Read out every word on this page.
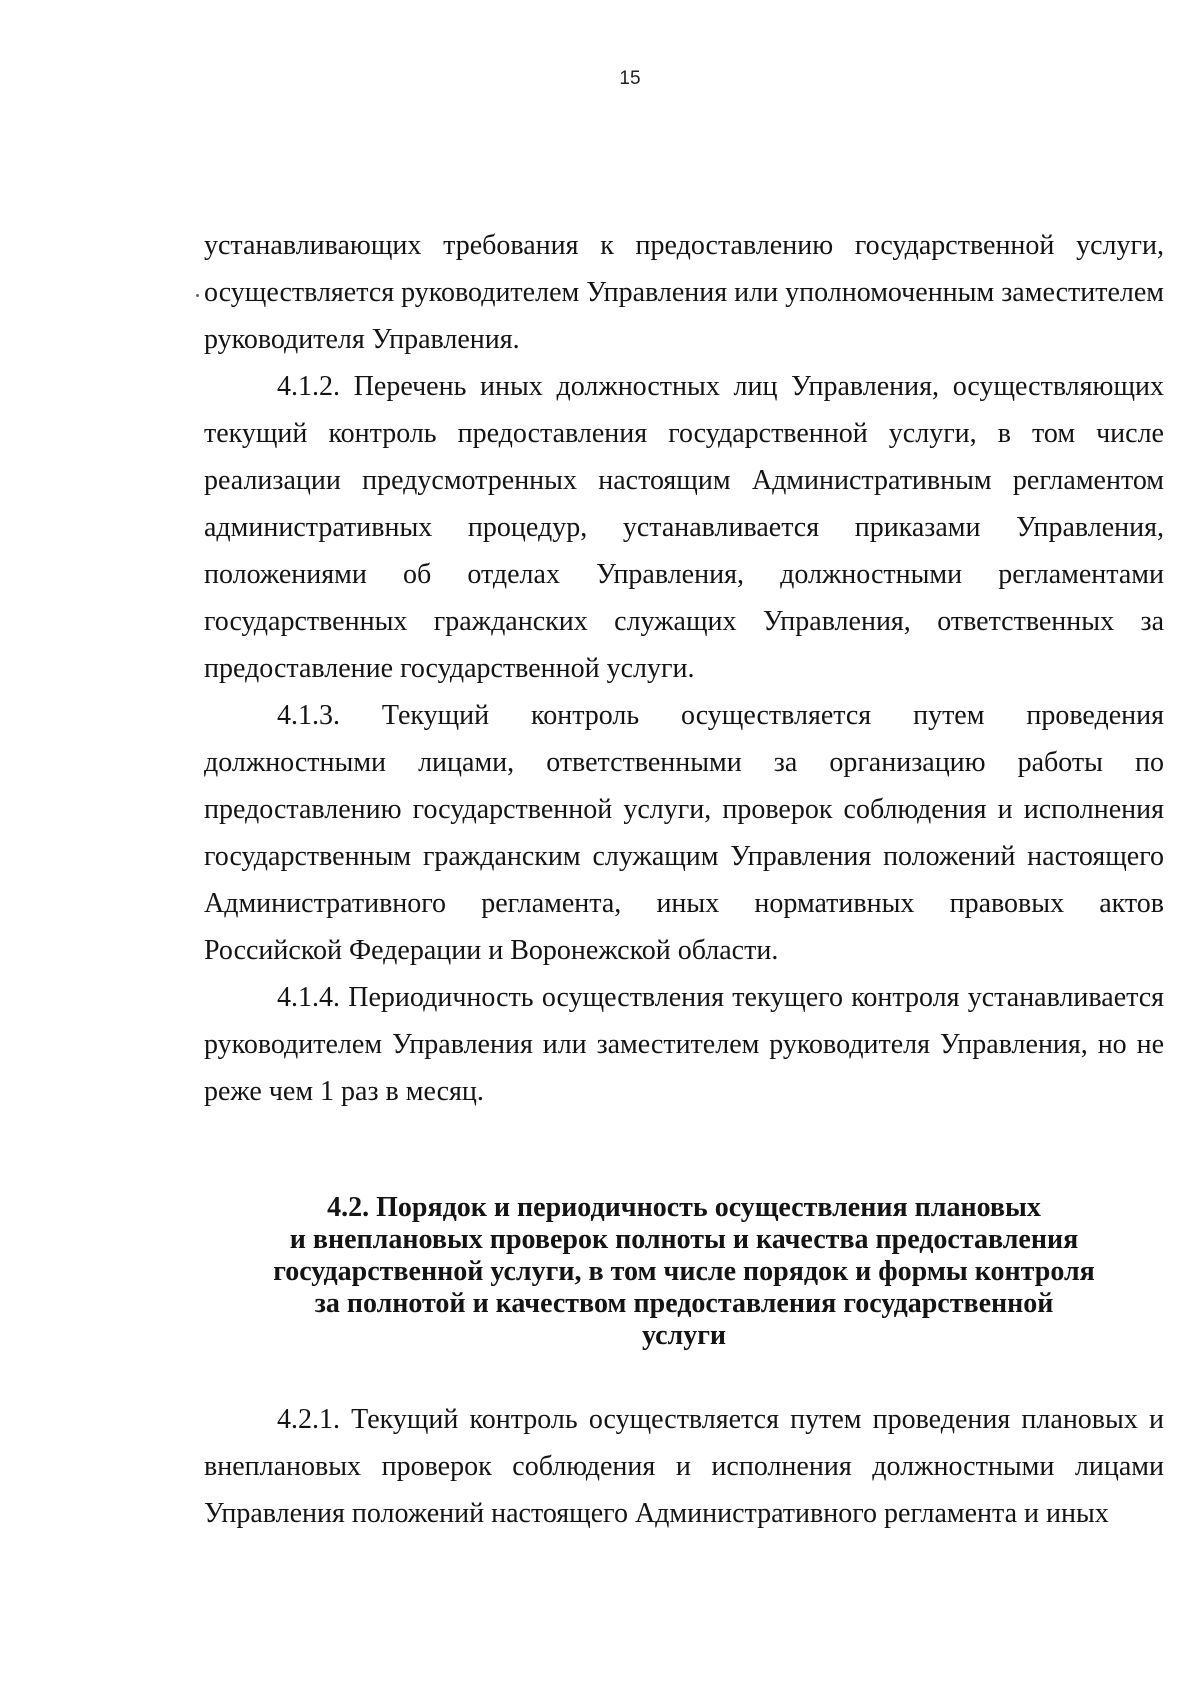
15

устанавливающих требования к предоставлению государственной услуги, осуществляется руководителем Управления или уполномоченным заместителем руководителя Управления.

4.1.2. Перечень иных должностных лиц Управления, осуществляющих текущий контроль предоставления государственной услуги, в том числе реализации предусмотренных настоящим Административным регламентом административных процедур, устанавливается приказами Управления, положениями об отделах Управления, должностными регламентами государственных гражданских служащих Управления, ответственных за предоставление государственной услуги.

4.1.3. Текущий контроль осуществляется путем проведения должностными лицами, ответственными за организацию работы по предоставлению государственной услуги, проверок соблюдения и исполнения государственным гражданским служащим Управления положений настоящего Административного регламента, иных нормативных правовых актов Российской Федерации и Воронежской области.

4.1.4. Периодичность осуществления текущего контроля устанавливается руководителем Управления или заместителем руководителя Управления, но не реже чем 1 раз в месяц.

4.2. Порядок и периодичность осуществления плановых
и внеплановых проверок полноты и качества предоставления
государственной услуги, в том числе порядок и формы контроля
за полнотой и качеством предоставления государственной
услуги

4.2.1. Текущий контроль осуществляется путем проведения плановых и внеплановых проверок соблюдения и исполнения должностными лицами Управления положений настоящего Административного регламента и иных
